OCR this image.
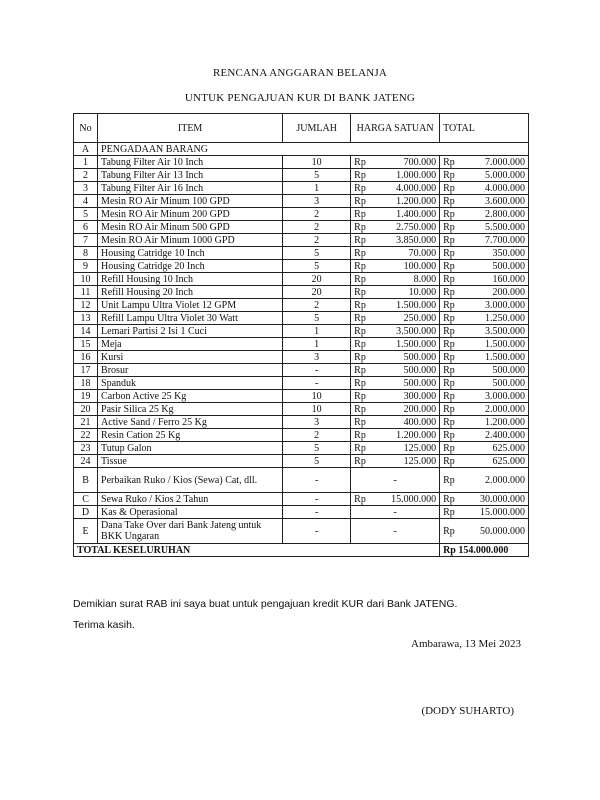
RENCANA ANGGARAN BELANJA
UNTUK PENGAJUAN KUR DI BANK JATENG
No	ITEM	JUMLAH	HARGA SATUAN	TOTAL
A	PENGADAAN BARANG			
1	Tabung Filter Air 10 Inch	10	Rp 700.000	Rp 7.000.000

2	Tabung Filter Air 13 Inch	5	Rp 1.000.000	Rp 5.000.000

3	Tabung Filter Air 16 Inch	1	Rp 4.000.000	Rp 4.000.000

4	Mesin RO Air Minum 100 GPD	3	Rp 1.200.000	Rp 3.600.000

5	Mesin RO Air Minum 200 GPD	2	Rp 1.400.000	Rp 2.800.000

6	Mesin RO Air Minum 500 GPD	2	Rp 2.750.000	Rp 5.500.000

7	Mesin RO Air Minum 1000 GPD	2	Rp 3.850.000	Rp 7.700.000

8	Housing Catridge 10 Inch	5	Rp 70.000	Rp 350.000

9	Housing Catridge 20 Inch	5	Rp 100.000	Rp 500.000

10	Refill Housing 10 Inch	20	Rp 8.000	Rp 160.000

11	Refill Housing 20 Inch	20	Rp 10.000	Rp 200.000

12	Unit Lampu Ultra Violet 12 GPM	2	Rp 1.500.000	Rp 3.000.000

13	Refill Lampu Ultra Violet 30 Watt	5	Rp 250.000	Rp 1.250.000

14	Lemari Partisi 2 Isi 1 Cuci	1	Rp 3.500.000	Rp 3.500.000

15	Meja	1	Rp 1.500.000	Rp 1.500.000

16	Kursi	3	Rp 500.000	Rp 1.500.000

17	Brosur	-	Rp 500.000	Rp 500.000

18	Spanduk	-	Rp 500.000	Rp 500.000

19	Carbon Active 25 Kg	10	Rp 300.000	Rp 3.000.000

20	Pasir Silica 25 Kg	10	Rp 200.000	Rp 2.000.000

21	Active Sand / Ferro 25 Kg	3	Rp 400.000	Rp 1.200.000

22	Resin Cation 25 Kg	2	Rp 1.200.000	Rp 2.400.000

23	Tutup Galon	5	Rp 125.000	Rp 625.000

24	Tissue	5	Rp 125.000	Rp 625.000

B	Perbaikan Ruko / Kios (Sewa) Cat, dll.	-	-	Rp 2.000.000

C	Sewa Ruko / Kios 2 Tahun	-	Rp 15.000.000	Rp 30.000.000

D	Kas & Operasional	-	-	Rp 15.000.000

E	Dana Take Over dari Bank Jateng untuk BKK Ungaran	-	-	Rp 50.000.000

TOTAL KESELURUHAN				Rp 154.000.000
Demikian surat RAB ini saya buat untuk pengajuan kredit KUR dari Bank JATENG.
Terima kasih.
Ambarawa, 13 Mei 2023
(DODY SUHARTO)
